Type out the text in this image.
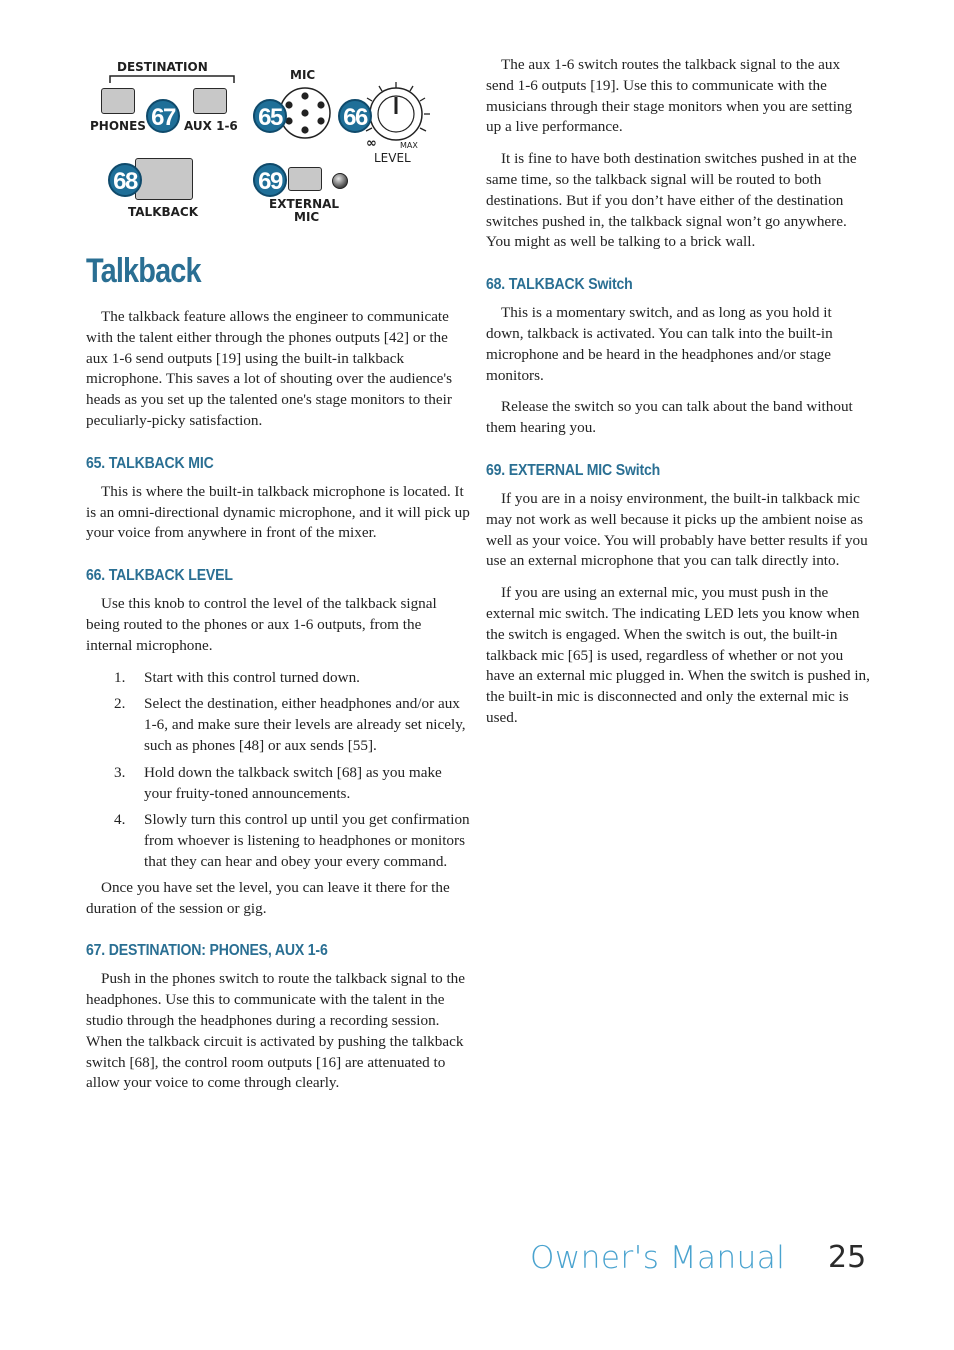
DESTINATION
PHONES	AUX 1-6
67
MIC
65
∞	MAX
LEVEL
66
TALKBACK
68
EXTERNAL
MIC
69
Talkback

The talkback feature allows the engineer to communicate with the talent either through the phones outputs [42] or the aux 1-6 send outputs [19] using the built-in talkback microphone. This saves a lot of shouting over the audience's heads as you set up the talented one's stage monitors to their peculiarly-picky satisfaction.

65. TALKBACK MIC

This is where the built-in talkback microphone is located. It is an omni-directional dynamic microphone, and it will pick up your voice from anywhere in front of the mixer.

66. TALKBACK LEVEL

Use this knob to control the level of the talkback signal being routed to the phones or aux 1-6 outputs, from the internal microphone.

1. Start with this control turned down.
2. Select the destination, either headphones and/or aux 1-6, and make sure their levels are already set nicely, such as phones [48] or aux sends [55].
3. Hold down the talkback switch [68] as you make your fruity-toned announcements.
4. Slowly turn this control up until you get confirmation from whoever is listening to headphones or monitors that they can hear and obey your every command.

Once you have set the level, you can leave it there for the duration of the session or gig.

67. DESTINATION: PHONES, AUX 1-6

Push in the phones switch to route the talkback signal to the headphones. Use this to communicate with the talent in the studio through the headphones during a recording session. When the talkback circuit is activated by pushing the talkback switch [68], the control room outputs [16] are attenuated to allow your voice to come through clearly.

The aux 1-6 switch routes the talkback signal to the aux send 1-6 outputs [19]. Use this to communicate with the musicians through their stage monitors when you are setting up a live performance.

It is fine to have both destination switches pushed in at the same time, so the talkback signal will be routed to both destinations. But if you don’t have either of the destination switches pushed in, the talkback signal won’t go anywhere. You might as well be talking to a brick wall.

68. TALKBACK Switch

This is a momentary switch, and as long as you hold it down, talkback is activated. You can talk into the built-in microphone and be heard in the headphones and/or stage monitors.

Release the switch so you can talk about the band without them hearing you.

69. EXTERNAL MIC Switch

If you are in a noisy environment, the built-in talkback mic may not work as well because it picks up the ambient noise as well as your voice. You will probably have better results if you use an external microphone that you can talk directly into.

If you are using an external mic, you must push in the external mic switch. The indicating LED lets you know when the switch is engaged. When the switch is out, the built-in talkback mic [65] is used, regardless of whether or not you have an external mic plugged in. When the switch is pushed in, the built-in mic is disconnected and only the external mic is used.

Owner's Manual 25
